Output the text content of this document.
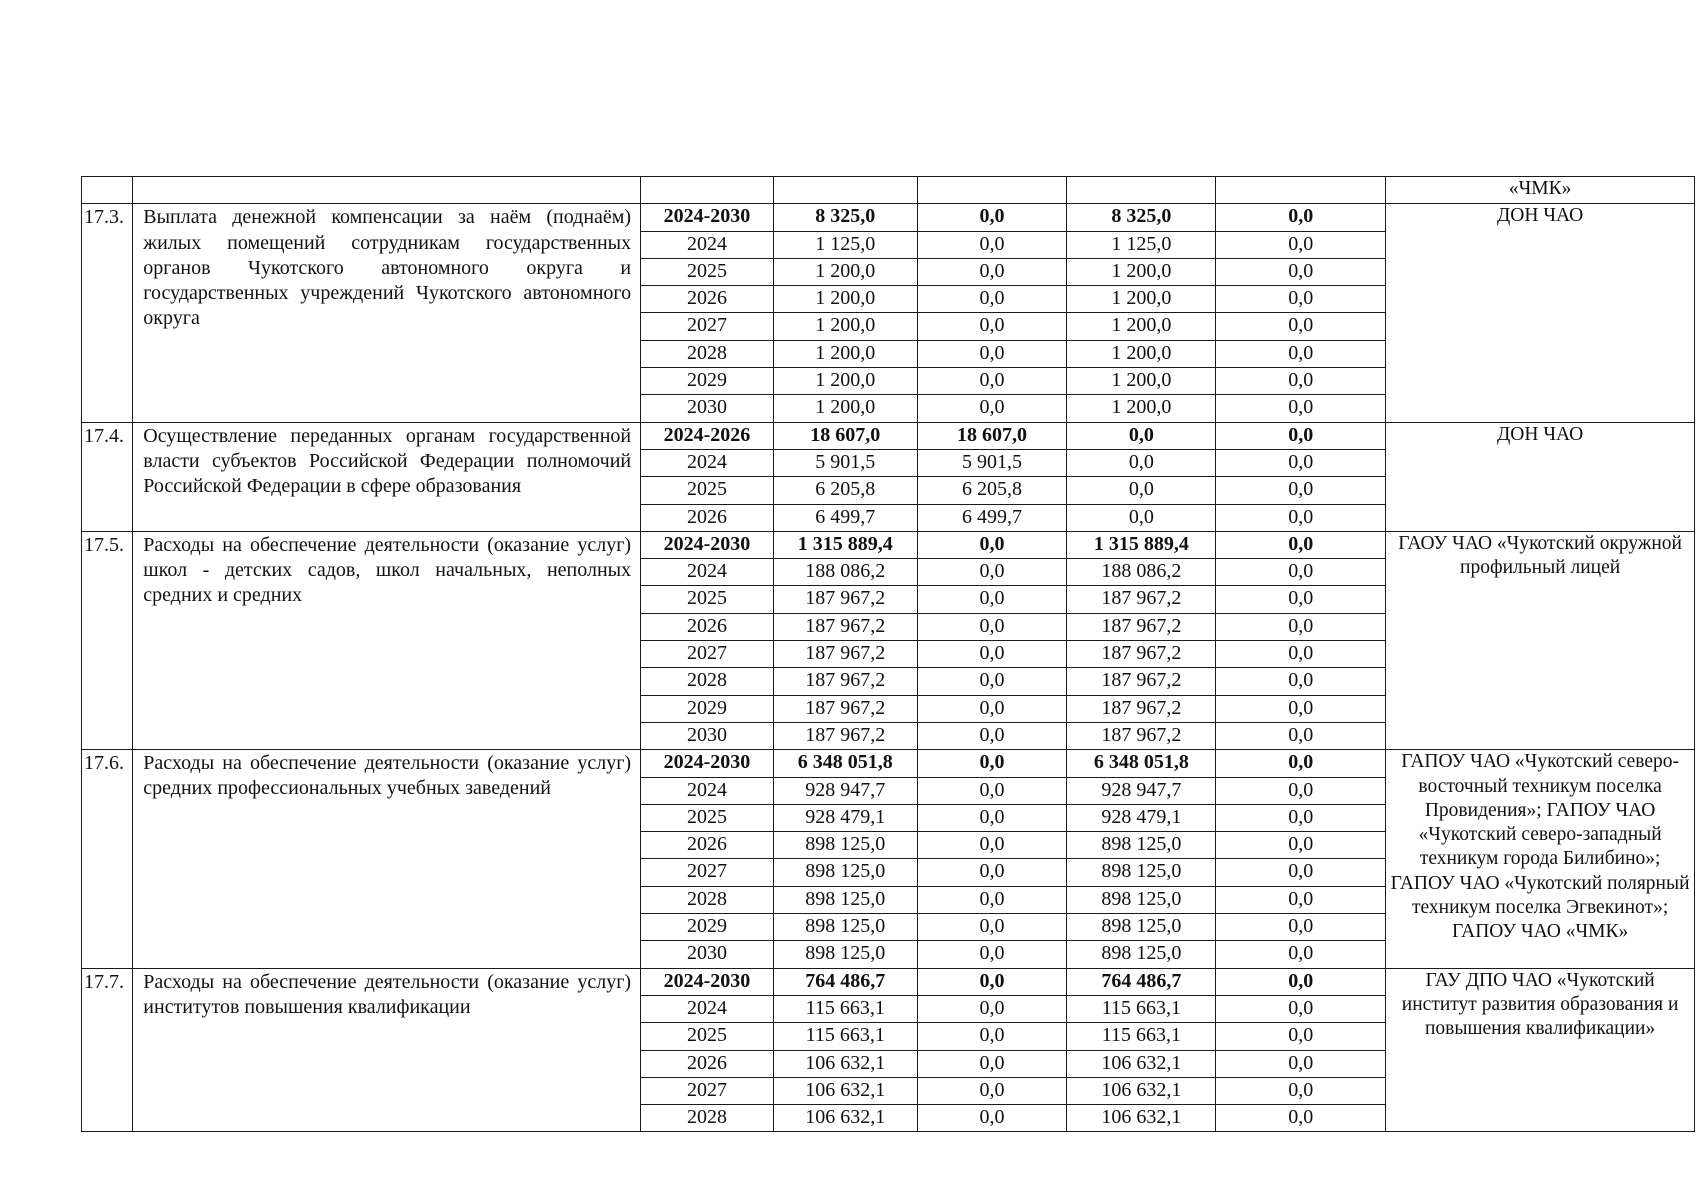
							«ЧМК»
17.3.	Выплата денежной компенсации за наём (поднаём) жилых помещений сотрудникам государственных органов Чукотского автономного округа и государственных учреждений Чукотского автономного округа	2024-2030	8 325,0	0,0	8 325,0	0,0	ДОН ЧАО
		2024	1 125,0	0,0	1 125,0	0,0	
		2025	1 200,0	0,0	1 200,0	0,0	
		2026	1 200,0	0,0	1 200,0	0,0	
		2027	1 200,0	0,0	1 200,0	0,0	
		2028	1 200,0	0,0	1 200,0	0,0	
		2029	1 200,0	0,0	1 200,0	0,0	
		2030	1 200,0	0,0	1 200,0	0,0	
17.4.	Осуществление переданных органам государственной власти субъектов Российской Федерации полномочий Российской Федерации в сфере образования	2024-2026	18 607,0	18 607,0	0,0	0,0	ДОН ЧАО
		2024	5 901,5	5 901,5	0,0	0,0	
		2025	6 205,8	6 205,8	0,0	0,0	
		2026	6 499,7	6 499,7	0,0	0,0	
17.5.	Расходы на обеспечение деятельности (оказание услуг) школ - детских садов, школ начальных, неполных средних и средних	2024-2030	1 315 889,4	0,0	1 315 889,4	0,0	ГАОУ ЧАО «Чукотский окружной профильный лицей
		2024	188 086,2	0,0	188 086,2	0,0	
		2025	187 967,2	0,0	187 967,2	0,0	
		2026	187 967,2	0,0	187 967,2	0,0	
		2027	187 967,2	0,0	187 967,2	0,0	
		2028	187 967,2	0,0	187 967,2	0,0	
		2029	187 967,2	0,0	187 967,2	0,0	
		2030	187 967,2	0,0	187 967,2	0,0	
17.6.	Расходы на обеспечение деятельности (оказание услуг) средних профессиональных учебных заведений	2024-2030	6 348 051,8	0,0	6 348 051,8	0,0	ГАПОУ ЧАО «Чукотский северо-восточный техникум поселка Провидения»; ГАПОУ ЧАО «Чукотский северо-западный техникум города Билибино»; ГАПОУ ЧАО «Чукотский полярный техникум поселка Эгвекинот»; ГАПОУ ЧАО «ЧМК»
		2024	928 947,7	0,0	928 947,7	0,0	
		2025	928 479,1	0,0	928 479,1	0,0	
		2026	898 125,0	0,0	898 125,0	0,0	
		2027	898 125,0	0,0	898 125,0	0,0	
		2028	898 125,0	0,0	898 125,0	0,0	
		2029	898 125,0	0,0	898 125,0	0,0	
		2030	898 125,0	0,0	898 125,0	0,0	
17.7.	Расходы на обеспечение деятельности (оказание услуг) институтов повышения квалификации	2024-2030	764 486,7	0,0	764 486,7	0,0	ГАУ ДПО ЧАО «Чукотский институт развития образования и повышения квалификации»
		2024	115 663,1	0,0	115 663,1	0,0	
		2025	115 663,1	0,0	115 663,1	0,0	
		2026	106 632,1	0,0	106 632,1	0,0	
		2027	106 632,1	0,0	106 632,1	0,0	
		2028	106 632,1	0,0	106 632,1	0,0	
